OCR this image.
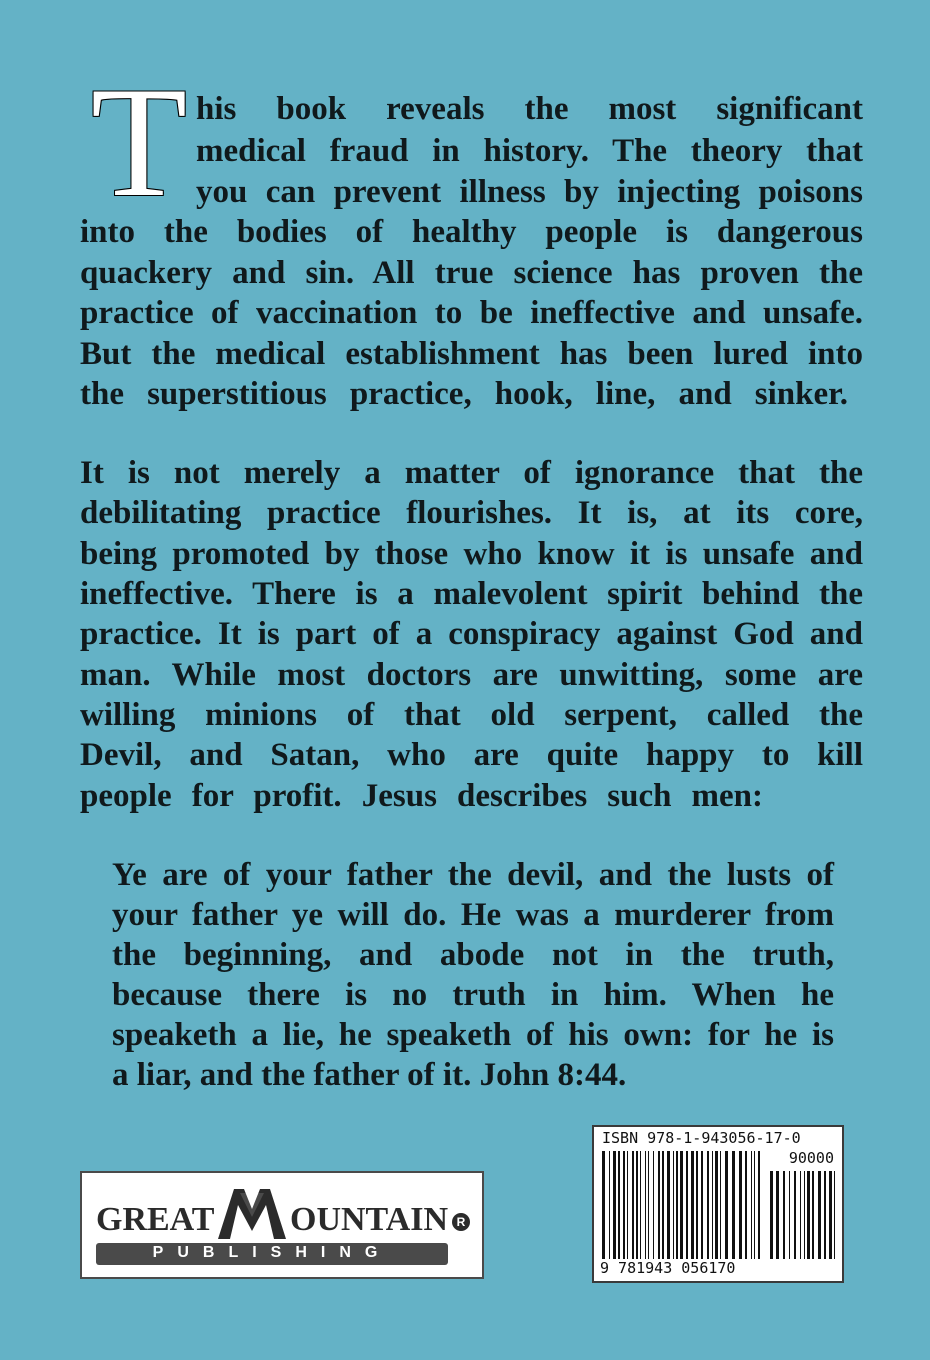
T his book reveals the most significant
medical fraud in history. The theory that
you can prevent illness by injecting poisons
into the bodies of healthy people is dangerous
quackery and sin. All true science has proven the
practice of vaccination to be ineffective and unsafe.
But the medical establishment has been lured into
the superstitious practice, hook, line, and sinker.
It is not merely a matter of ignorance that the
debilitating practice flourishes. It is, at its core,
being promoted by those who know it is unsafe and
ineffective. There is a malevolent spirit behind the
practice. It is part of a conspiracy against God and
man. While most doctors are unwitting, some are
willing minions of that old serpent, called the
Devil, and Satan, who are quite happy to kill
people for profit. Jesus describes such men:
Ye are of your father the devil, and the lusts of
your father ye will do. He was a murderer from
the beginning, and abode not in the truth,
because there is no truth in him. When he
speaketh a lie, he speaketh of his own: for he is
a liar, and the father of it. John 8:44.
GREAT OUNTAIN R
PUBLISHING
ISBN 978-1-943056-17-0
90000
9 781943 056170
